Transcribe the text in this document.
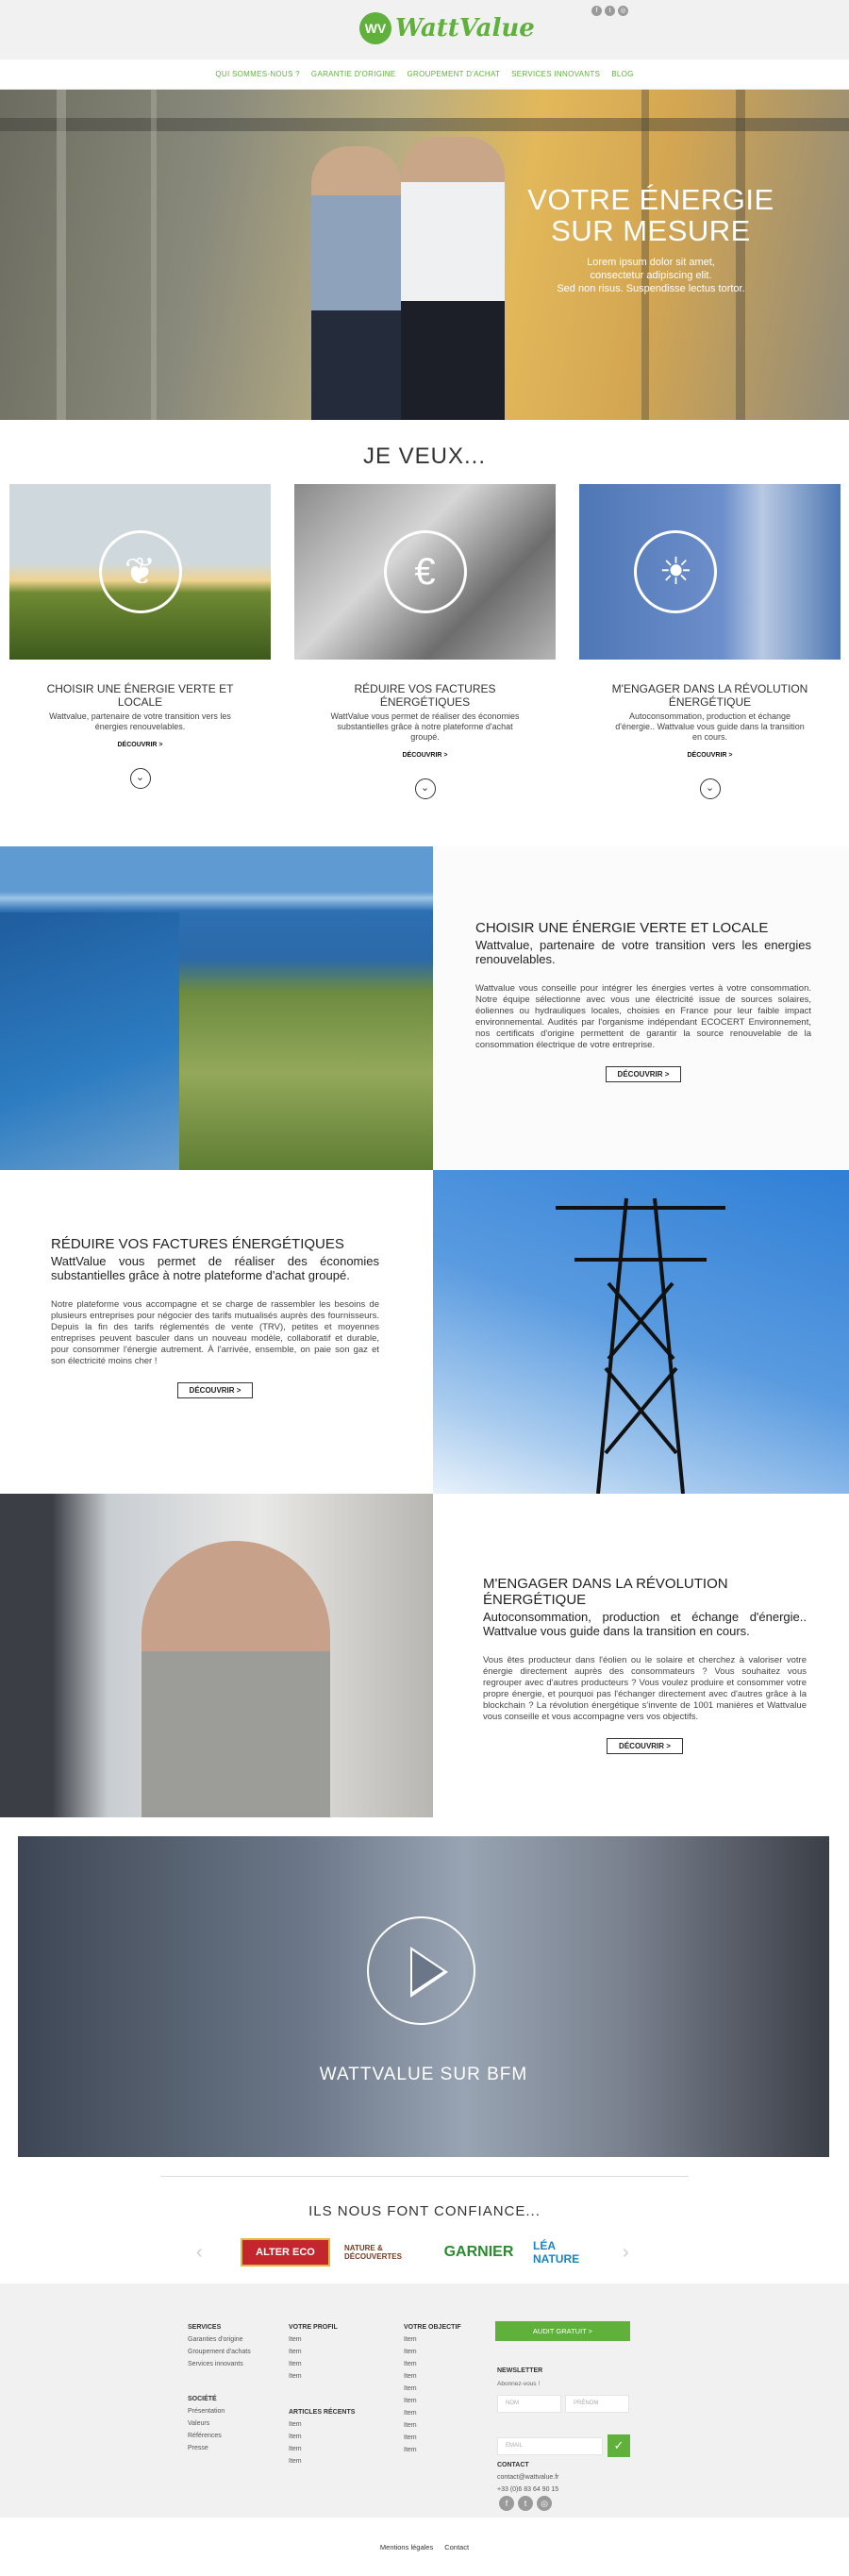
WV WattValue
f	t	◎
QUI SOMMES-NOUS ? GARANTIE D'ORIGINE GROUPEMENT D'ACHAT SERVICES INNOVANTS BLOG
VOTRE ÉNERGIE
SUR MESURE
Lorem ipsum dolor sit amet,
consectetur adipiscing elit.
Sed non risus. Suspendisse lectus tortor.
JE VEUX...
❦
CHOISIR UNE ÉNERGIE VERTE ET LOCALE
Wattvalue, partenaire de votre transition vers les énergies renouvelables.
DÉCOUVRIR >
⌄
€
RÉDUIRE VOS FACTURES ÉNERGÉTIQUES
WattValue vous permet de réaliser des économies substantielles grâce à notre plateforme d'achat groupé.
DÉCOUVRIR >
⌄
☀
M'ENGAGER DANS LA RÉVOLUTION ÉNERGÉTIQUE
Autoconsommation, production et échange d'énergie.. Wattvalue vous guide dans la transition en cours.
DÉCOUVRIR >
⌄
CHOISIR UNE ÉNERGIE VERTE ET LOCALE
Wattvalue, partenaire de votre transition vers les energies renouvelables.
Wattvalue vous conseille pour intégrer les énergies vertes à votre consommation. Notre équipe sélectionne avec vous une électricité issue de sources solaires, éoliennes ou hydrauliques locales, choisies en France pour leur faible impact environnemental. Audités par l'organisme indépendant ECOCERT Environnement, nos certificats d'origine permettent de garantir la source renouvelable de la consommation électrique de votre entreprise.
DÉCOUVRIR >
RÉDUIRE VOS FACTURES ÉNERGÉTIQUES
WattValue vous permet de réaliser des économies substantielles grâce à notre plateforme d'achat groupé.
Notre plateforme vous accompagne et se charge de rassembler les besoins de plusieurs entreprises pour négocier des tarifs mutualisés auprès des fournisseurs. Depuis la fin des tarifs réglementés de vente (TRV), petites et moyennes entreprises peuvent basculer dans un nouveau modèle, collaboratif et durable, pour consommer l'énergie autrement. À l'arrivée, ensemble, on paie son gaz et son électricité moins cher !
DÉCOUVRIR >
M'ENGAGER DANS LA RÉVOLUTION ÉNERGÉTIQUE
Autoconsommation, production et échange d'énergie.. Wattvalue vous guide dans la transition en cours.
Vous êtes producteur dans l'éolien ou le solaire et cherchez à valoriser votre énergie directement auprès des consommateurs ? Vous souhaitez vous regrouper avec d'autres producteurs ? Vous voulez produire et consommer votre propre énergie, et pourquoi pas l'échanger directement avec d'autres grâce à la blockchain ? La révolution énergétique s'invente de 1001 manières et Wattvalue vous conseille et vous accompagne vers vos objectifs.
DÉCOUVRIR >
WATTVALUE SUR BFM
ILS NOUS FONT CONFIANCE...
‹	ALTER ECO	NATURE & DÉCOUVERTES	GARNIER	LÉA NATURE	›
SERVICES
Garanties d'origine
Groupement d'achats
Services innovants
SOCIÉTÉ
Présentation
Valeurs
Références
Presse
VOTRE PROFIL
Item
Item
Item
Item
ARTICLES RÉCENTS
Item
Item
Item
Item
VOTRE OBJECTIF
Item
Item
Item
Item
Item
Item
Item
Item
Item
Item
AUDIT GRATUIT >
NEWSLETTER
Abonnez-vous !
NOM	PRÉNOM
EMAIL	✓
CONTACT
contact@wattvalue.fr
+33 (0)6 83 64 90 15
f	t	◎
Mentions légales Contact
